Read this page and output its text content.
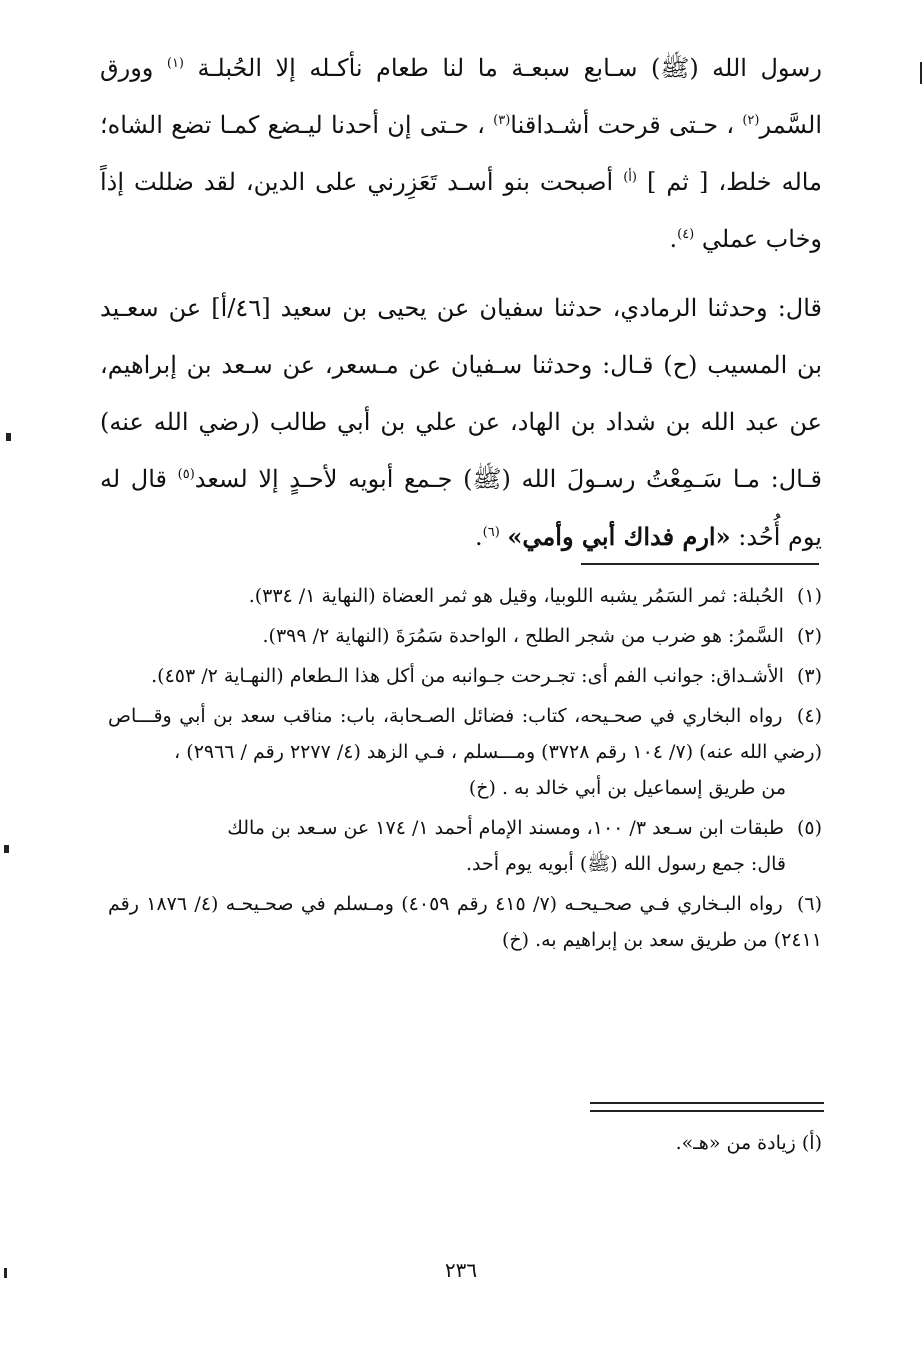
رسول الله (ﷺ) سـابع سبعـة ما لنا طعام نأكـله إلا الحُبلـة $^{(١)}$ وورق السَّمر$^{(٢)}$ ، حـتى قرحت أشـداقنا$^{(٣)}$ ، حـتى إن أحدنا ليـضع كمـا تضع الشاه؛ ماله خلط، [ ثم ] $^{(أ)}$ أصبحت بنو أسـد تَعَزِرني على الدين، لقد ضللت إذاً وخاب عملي $^{(٤)}$.

قال: وحدثنا الرمادي، حدثنا سفيان عن يحيى بن سعيد [٤٦/أ] عن سعـيد بن المسيب (ح) قـال: وحدثنا سـفيان عن مـسعر، عن سـعد بن إبراهيم، عن عبد الله بن شداد بن الهاد، عن علي بن أبي طالب (رضي الله عنه) قـال: مـا سَـمِعْتُ رسـولَ الله (ﷺ) جـمع أبويه لأحـدٍ إلا لسعد$^{(٥)}$ قال له يوم أُحُد: «ارم فداك أبي وأمي» $^{(٦)}$.

(١) الحُبلة: ثمر السَمُر يشبه اللوبيا، وقيل هو ثمر العضاة (النهاية ١/ ٣٣٤).
(٢) السَّمرُ: هو ضرب من شجر الطلح ، الواحدة سَمُرَةَ (النهاية ٢/ ٣٩٩).
(٣) الأشـداق: جوانب الفم أى: تجـرحت جـوانبه من أكل هذا الـطعام (النهـاية ٢/ ٤٥٣).
(٤) رواه البخاري في صحـيحه، كتاب: فضائل الصـحابة، باب: مناقب سعد بن أبي وقـــاص (رضي الله عنه) (٧/ ١٠٤ رقم ٣٧٢٨) ومـــسلم ، فـي الزهد (٤/ ٢٢٧٧ رقم / ٢٩٦٦) ،
من طريق إسماعيل بن أبي خالد به . (خ)
(٥) طبقات ابن سـعد ٣/ ١٠٠، ومسند الإمام أحمد ١/ ١٧٤ عن سـعد بن مالك
قال: جمع رسول الله (ﷺ) أبويه يوم أحد.
(٦) رواه البـخاري فـي صحـيحـه (٧/ ٤١٥ رقم ٤٠٥٩) ومـسلم في صحـيحـه (٤/ ١٨٧٦ رقم ٢٤١١) من طريق سعد بن إبراهيم به. (خ)
(أ) زيادة من «هـ».
٢٣٦
